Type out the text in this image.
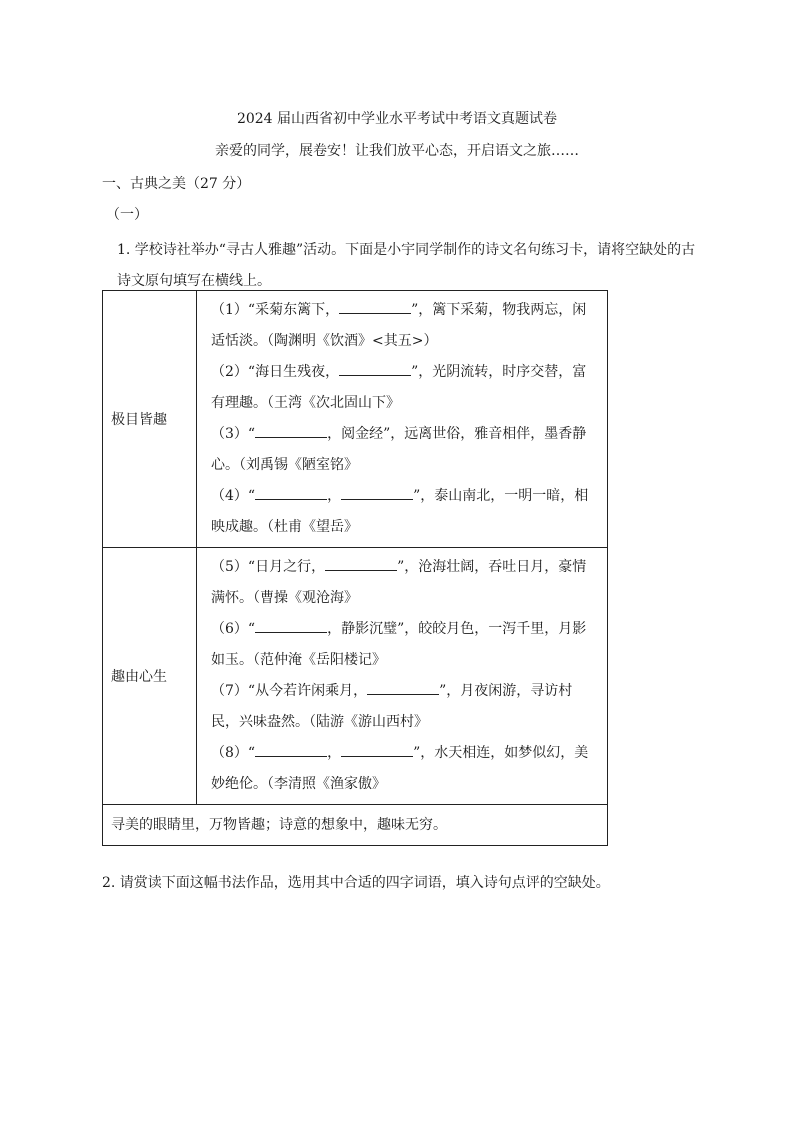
2024 届山西省初中学业水平考试中考语文真题试卷
亲爱的同学，展卷安！让我们放平心态，开启语文之旅……
一、古典之美（27 分）
（一）
1. 学校诗社举办“寻古人雅趣”活动。下面是小宇同学制作的诗文名句练习卡，请将空缺处的古诗文原句填写在横线上。
极目皆趣	（1）“采菊东篱下， ”，篱下采菊，物我两忘，闲适恬淡。（陶渊明《饮酒》<其五>）
（2）“海日生残夜， ”，光阴流转，时序交替，富有理趣。（王湾《次北固山下》
（3）“ ，阅金经”，远离世俗，雅音相伴，墨香静心。（刘禹锡《陋室铭》
（4）“ ， ”，泰山南北，一明一暗，相映成趣。（杜甫《望岳》

趣由心生	（5）“日月之行， ”，沧海壮阔，吞吐日月，豪情满怀。（曹操《观沧海》
（6）“ ，静影沉璧”，皎皎月色，一泻千里，月影如玉。（范仲淹《岳阳楼记》
（7）“从今若许闲乘月， ”，月夜闲游，寻访村民，兴味盎然。（陆游《游山西村》
（8）“ ， ”，水天相连，如梦似幻，美妙绝伦。（李清照《渔家傲》

寻美的眼睛里，万物皆趣；诗意的想象中，趣味无穷。	
2. 请赏读下面这幅书法作品，选用其中合适的四字词语，填入诗句点评的空缺处。
